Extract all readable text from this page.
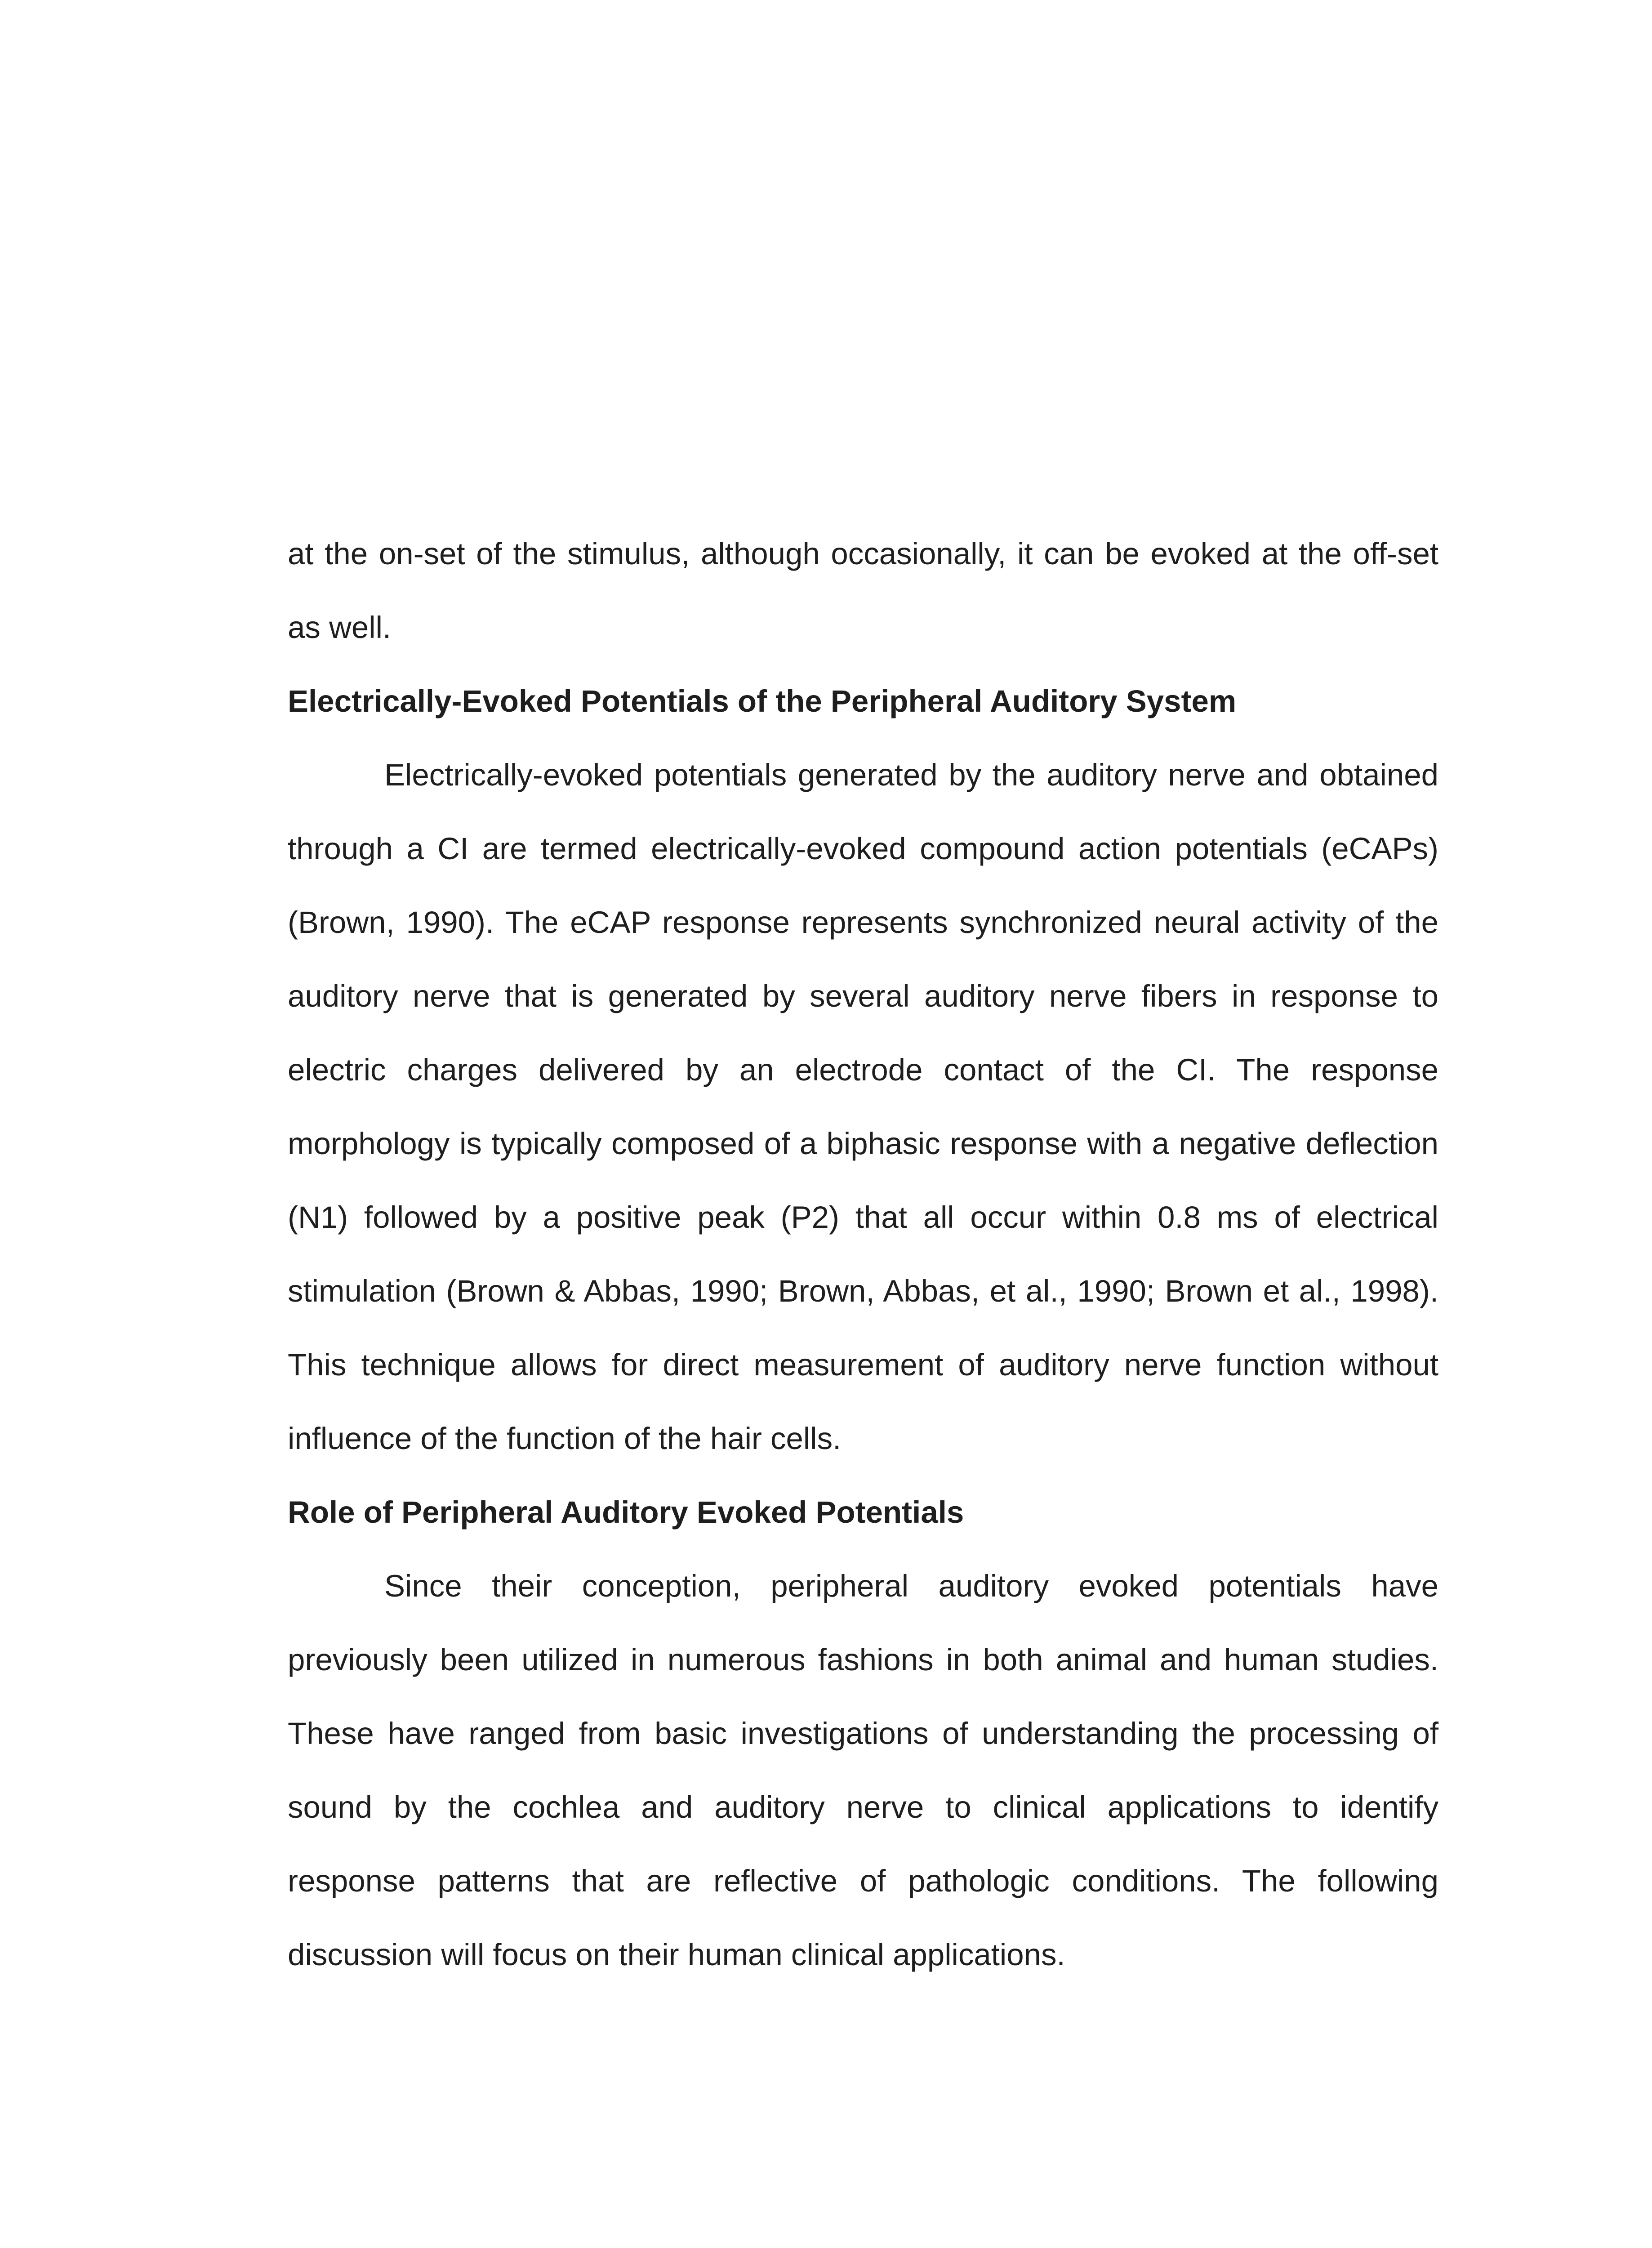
at the on-set of the stimulus, although occasionally, it can be evoked at the off-set

as well.

Electrically-Evoked Potentials of the Peripheral Auditory System

Electrically-evoked potentials generated by the auditory nerve and obtained

through a CI are termed electrically-evoked compound action potentials (eCAPs)

(Brown, 1990). The eCAP response represents synchronized neural activity of the

auditory nerve that is generated by several auditory nerve fibers in response to

electric charges delivered by an electrode contact of the CI. The response

morphology is typically composed of a biphasic response with a negative deflection

(N1) followed by a positive peak (P2) that all occur within 0.8 ms of electrical

stimulation (Brown & Abbas, 1990; Brown, Abbas, et al., 1990; Brown et al., 1998).

This technique allows for direct measurement of auditory nerve function without

influence of the function of the hair cells.

Role of Peripheral Auditory Evoked Potentials

Since their conception, peripheral auditory evoked potentials have

previously been utilized in numerous fashions in both animal and human studies.

These have ranged from basic investigations of understanding the processing of

sound by the cochlea and auditory nerve to clinical applications to identify

response patterns that are reflective of pathologic conditions. The following

discussion will focus on their human clinical applications.
